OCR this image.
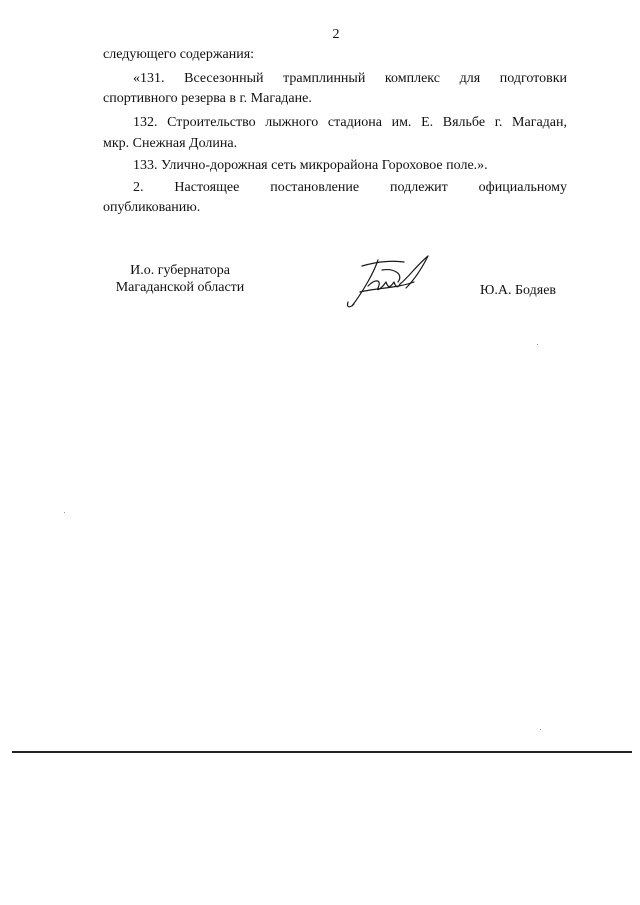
2
следующего содержания:
«131. Всесезонный трамплинный комплекс для подготовки
спортивного резерва в г. Магадане.
132. Строительство лыжного стадиона им. Е. Вяльбе г. Магадан,
мкр. Снежная Долина.
133. Улично-дорожная сеть микрорайона Гороховое поле.».
2. Настоящее постановление подлежит официальному
опубликованию.
И.о. губернатора
Магаданской области	Ю.А. Бодяев
